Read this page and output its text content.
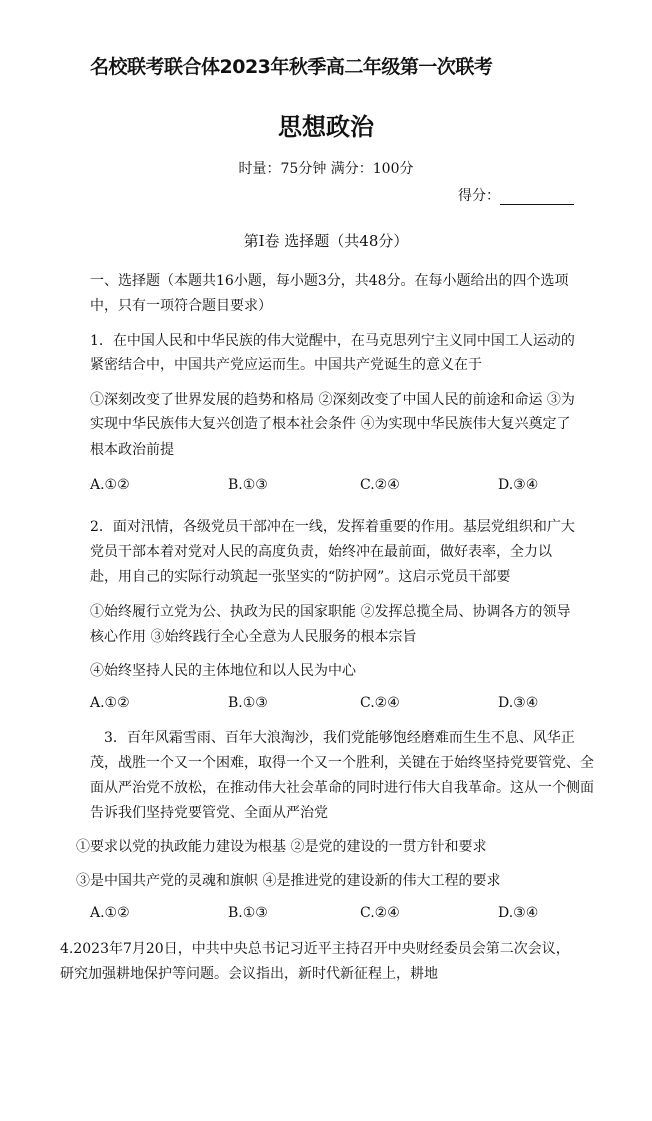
名校联考联合体2023年秋季高二年级第一次联考
思想政治
时量：75分钟 满分：100分
得分：
第Ⅰ卷 选择题（共48分）
一、选择题（本题共16小题，每小题3分，共48分。在每小题给出的四个选项
中，只有一项符合题目要求）
1．在中国人民和中华民族的伟大觉醒中，在马克思列宁主义同中国工人运动的
紧密结合中，中国共产党应运而生。中国共产党诞生的意义在于
①深刻改变了世界发展的趋势和格局 ②深刻改变了中国人民的前途和命运 ③为
实现中华民族伟大复兴创造了根本社会条件 ④为实现中华民族伟大复兴奠定了
根本政治前提
A.①②	B.①③	C.②④	D.③④
2．面对汛情，各级党员干部冲在一线，发挥着重要的作用。基层党组织和广大
党员干部本着对党对人民的高度负责，始终冲在最前面，做好表率，全力以
赴，用自己的实际行动筑起一张坚实的“防护网”。这启示党员干部要
①始终履行立党为公、执政为民的国家职能 ②发挥总揽全局、协调各方的领导
核心作用 ③始终践行全心全意为人民服务的根本宗旨
④始终坚持人民的主体地位和以人民为中心
A.①②	B.①③	C.②④	D.③④
3．百年风霜雪雨、百年大浪淘沙，我们党能够饱经磨难而生生不息、风华正
茂，战胜一个又一个困难，取得一个又一个胜利，关键在于始终坚持党要管党、全
面从严治党不放松，在推动伟大社会革命的同时进行伟大自我革命。这从一个侧面
告诉我们坚持党要管党、全面从严治党
①要求以党的执政能力建设为根基 ②是党的建设的一贯方针和要求
③是中国共产党的灵魂和旗帜 ④是推进党的建设新的伟大工程的要求
A.①②	B.①③	C.②④	D.③④
4.2023年7月20日，中共中央总书记习近平主持召开中央财经委员会第二次会议，
研究加强耕地保护等问题。会议指出，新时代新征程上，耕地
